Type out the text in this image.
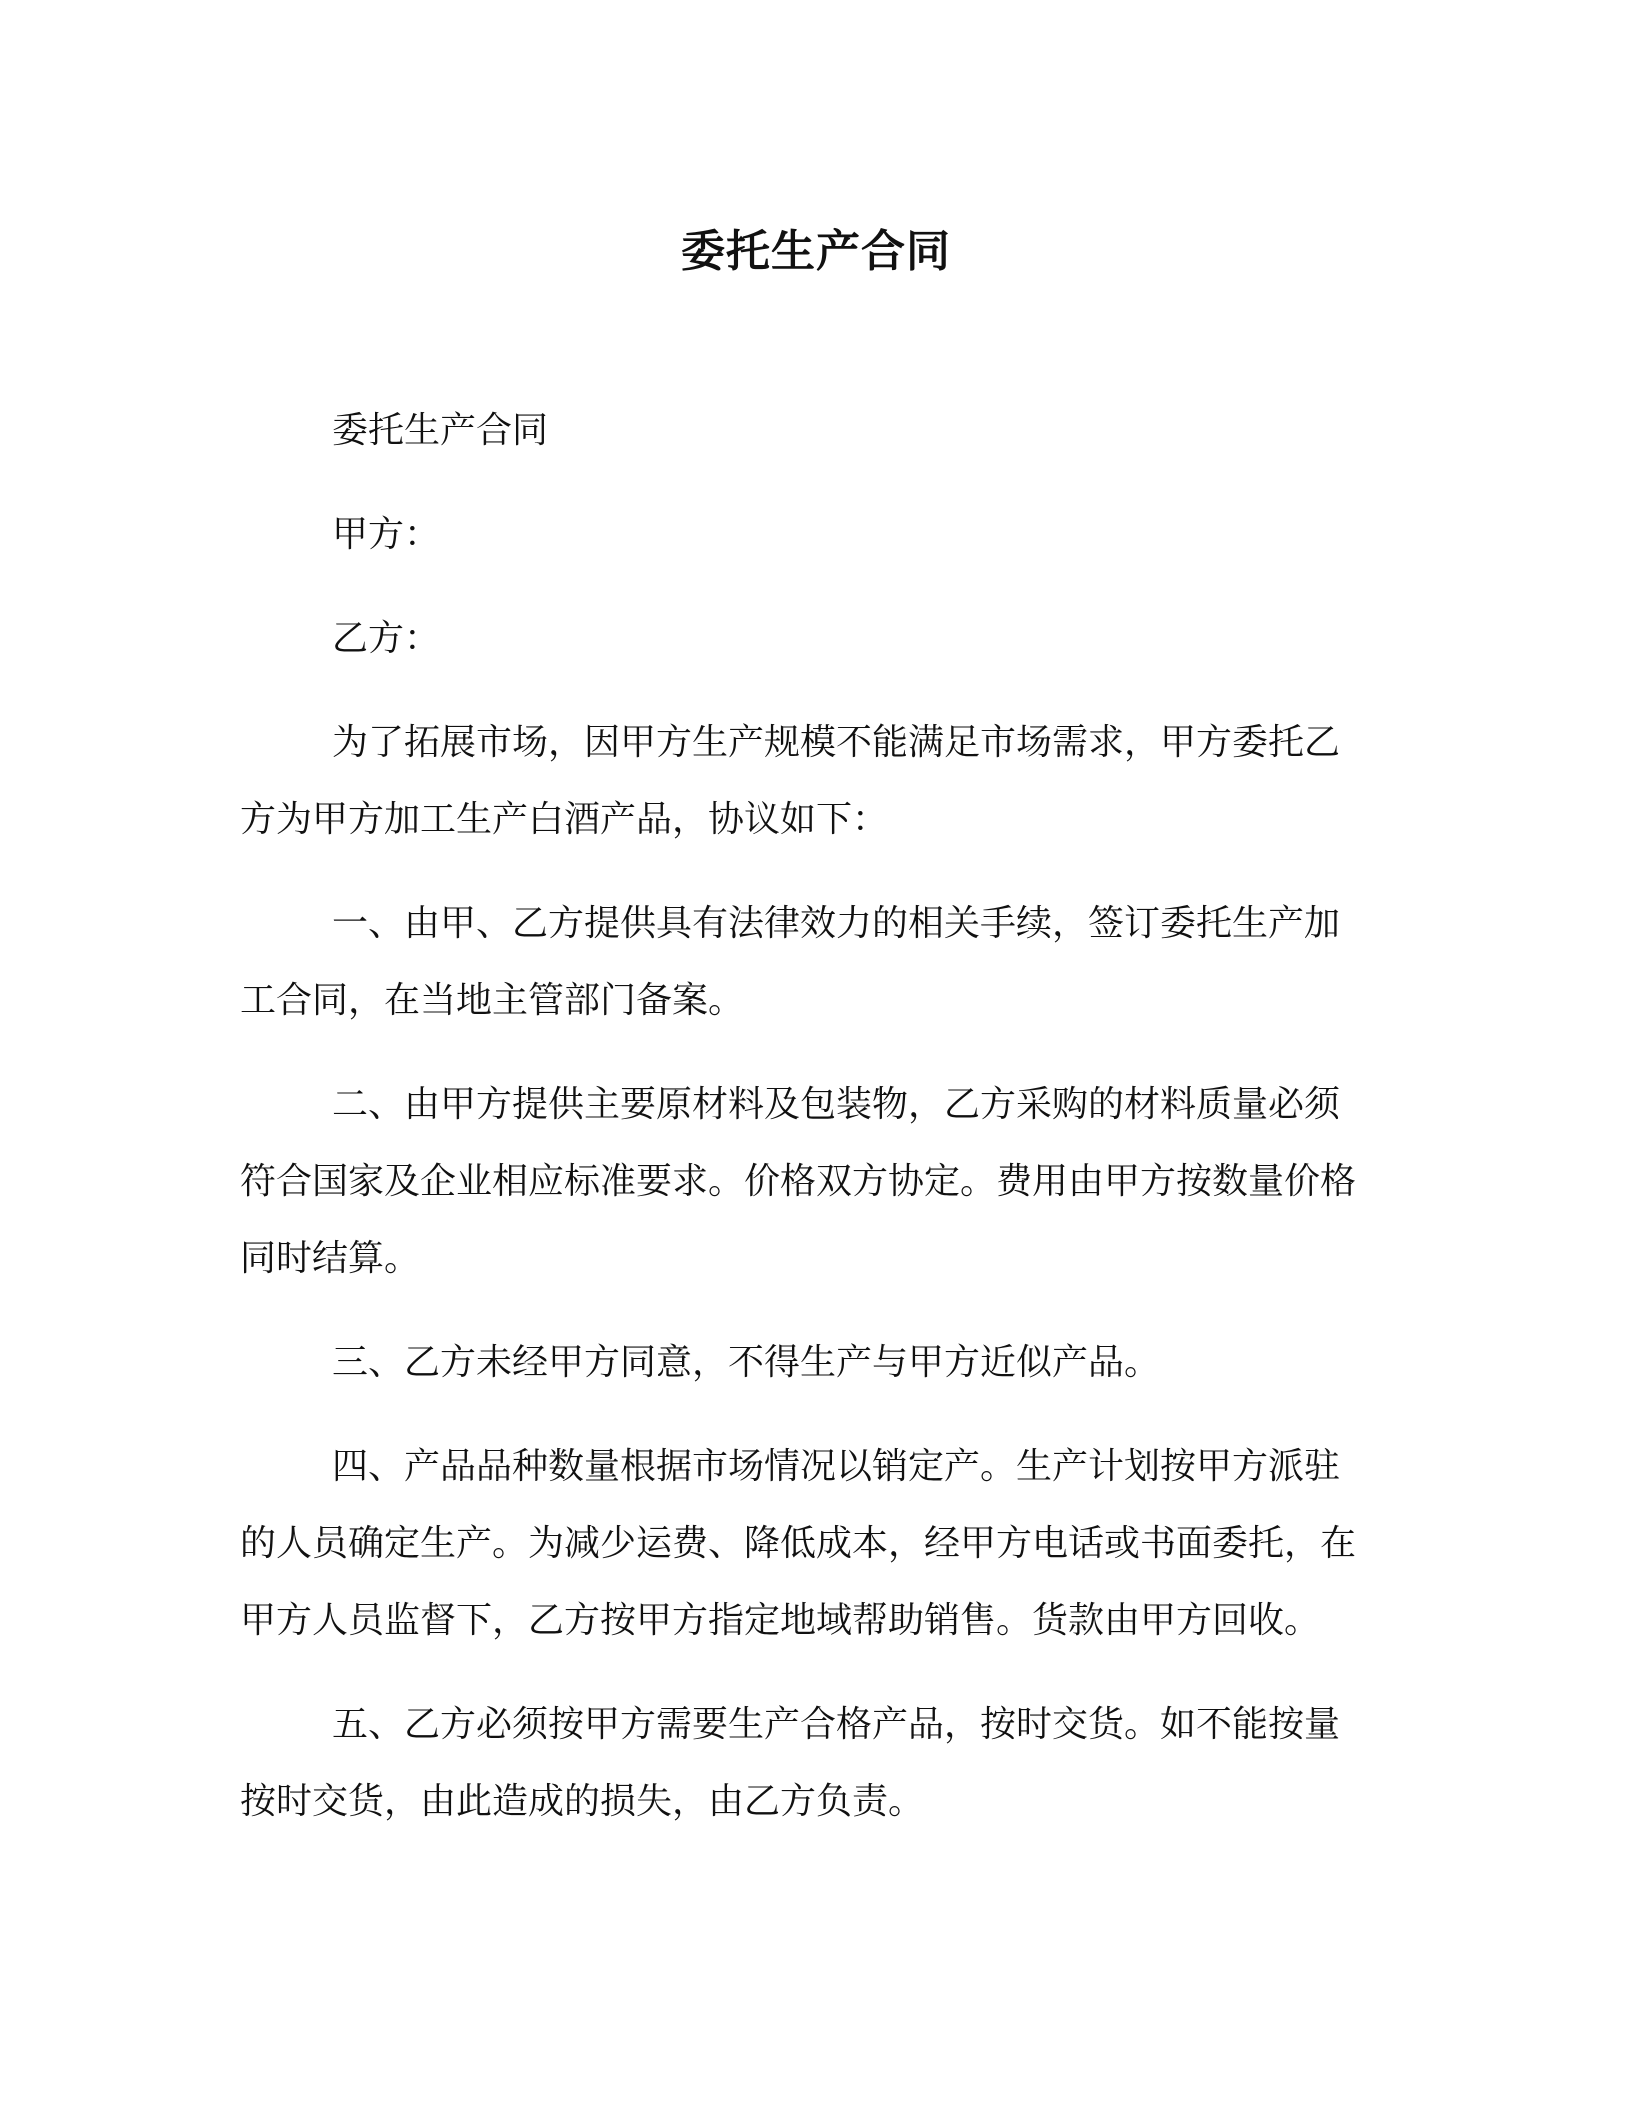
委托生产合同

委托生产合同

甲方：

乙方：

为了拓展市场，因甲方生产规模不能满足市场需求，甲方委托乙方为甲方加工生产白酒产品，协议如下：

一、由甲、乙方提供具有法律效力的相关手续，签订委托生产加工合同，在当地主管部门备案。

二、由甲方提供主要原材料及包装物，乙方采购的材料质量必须符合国家及企业相应标准要求。价格双方协定。费用由甲方按数量价格同时结算。

三、乙方未经甲方同意，不得生产与甲方近似产品。

四、产品品种数量根据市场情况以销定产。生产计划按甲方派驻的人员确定生产。为减少运费、降低成本，经甲方电话或书面委托，在甲方人员监督下，乙方按甲方指定地域帮助销售。货款由甲方回收。

五、乙方必须按甲方需要生产合格产品，按时交货。如不能按量按时交货，由此造成的损失，由乙方负责。
